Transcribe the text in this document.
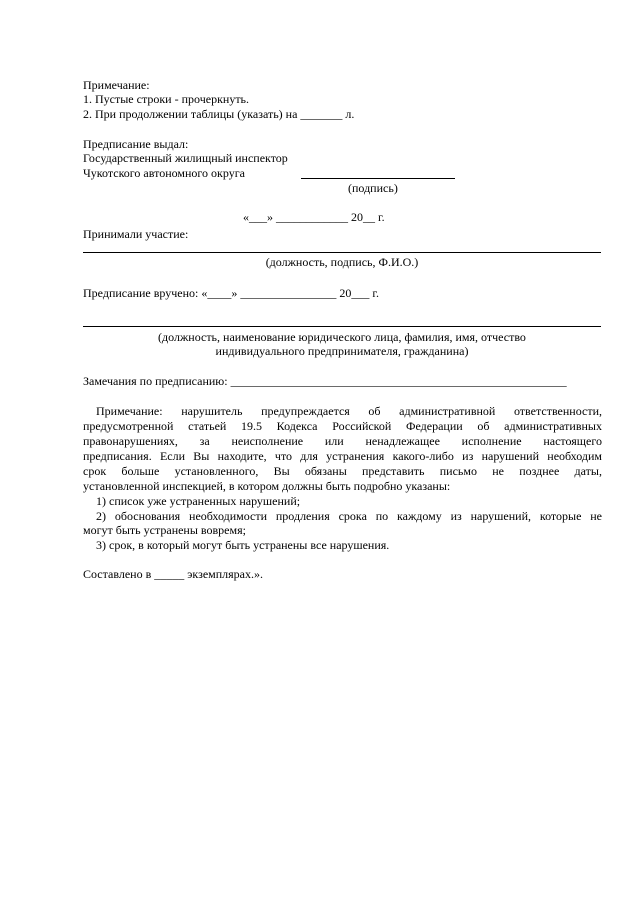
Примечание:
1. Пустые строки - прочеркнуть.
2. При продолжении таблицы (указать) на _______ л.
Предписание выдал:
Государственный жилищный инспектор
Чукотского автономного округа
(подпись)
«___» ____________ 20__ г.
Принимали участие:
(должность, подпись, Ф.И.О.)
Предписание вручено: «____» ________________ 20___ г.
(должность, наименование юридического лица, фамилия, имя, отчество
индивидуального предпринимателя, гражданина)
Замечания по предписанию: ________________________________________________________
Примечание: нарушитель предупреждается об административной ответственности,
предусмотренной статьей 19.5 Кодекса Российской Федерации об административных
правонарушениях, за неисполнение или ненадлежащее исполнение настоящего
предписания. Если Вы находите, что для устранения какого-либо из нарушений необходим
срок больше установленного, Вы обязаны представить письмо не позднее даты,
установленной инспекцией, в котором должны быть подробно указаны:
1) список уже устраненных нарушений;
2) обоснования необходимости продления срока по каждому из нарушений, которые не
могут быть устранены вовремя;
3) срок, в который могут быть устранены все нарушения.
Составлено в _____ экземплярах.».
